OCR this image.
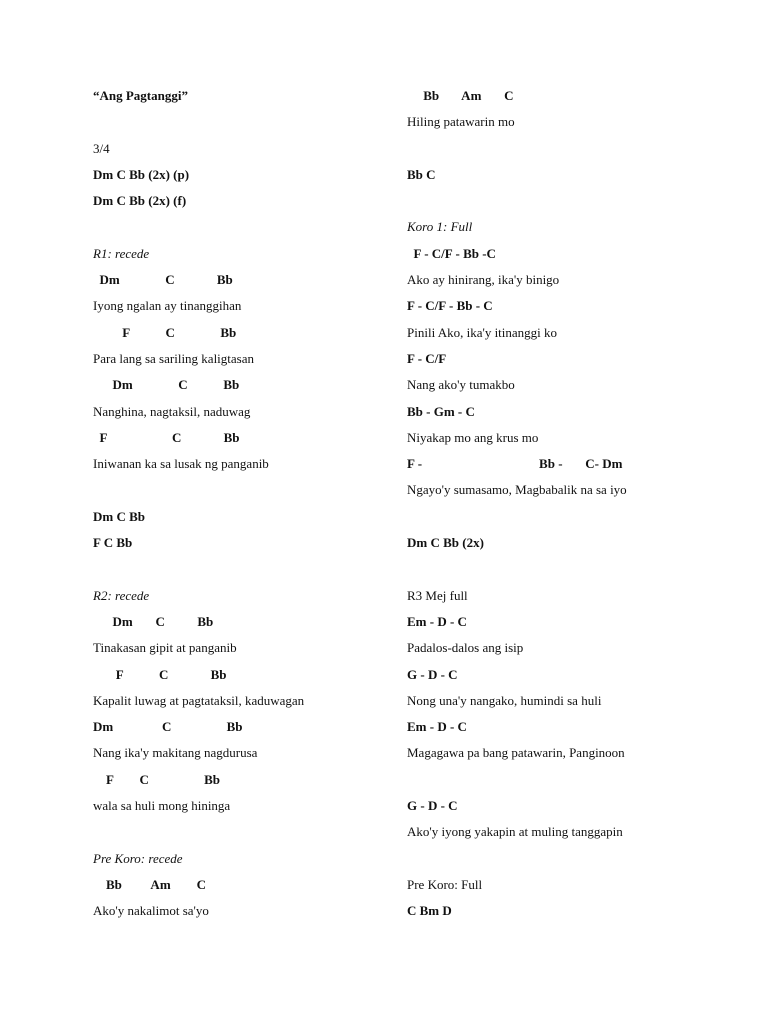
“Ang Pagtanggi”
3/4
Dm C Bb (2x) (p)
Dm C Bb (2x) (f)
R1: recede
Dm              C             Bb
Iyong ngalan ay tinanggihan
F           C              Bb
Para lang sa sariling kaligtasan
Dm              C           Bb
Nanghina, nagtaksil, naduwag
F                    C             Bb
Iniwanan ka sa lusak ng panganib
Dm C Bb
F C Bb
R2: recede
Dm       C          Bb
Tinakasan gipit at panganib
F           C             Bb
Kapalit luwag at pagtataksil, kaduwagan
Dm               C                 Bb
Nang ika'y makitang nagdurusa
F        C                 Bb
wala sa huli mong hininga
Pre Koro: recede
Bb         Am        C
Ako'y nakalimot sa'yo
Bb       Am       C
Hiling patawarin mo
Bb C
Koro 1: Full
F - C/F - Bb -C
Ako ay hinirang, ika'y binigo
F - C/F - Bb - C
Pinili Ako, ika'y itinanggi ko
F - C/F
Nang ako'y tumakbo
Bb - Gm - C
Niyakap mo ang krus mo
F -                                    Bb -       C- Dm
Ngayo'y sumasamo, Magbabalik na sa iyo
Dm C Bb (2x)
R3 Mej full
Em - D - C
Padalos-dalos ang isip
G - D - C
Nong una'y nangako, humindi sa huli
Em - D - C
Magagawa pa bang patawarin, Panginoon
G - D - C
Ako'y iyong yakapin at muling tanggapin
Pre Koro: Full
C Bm D
